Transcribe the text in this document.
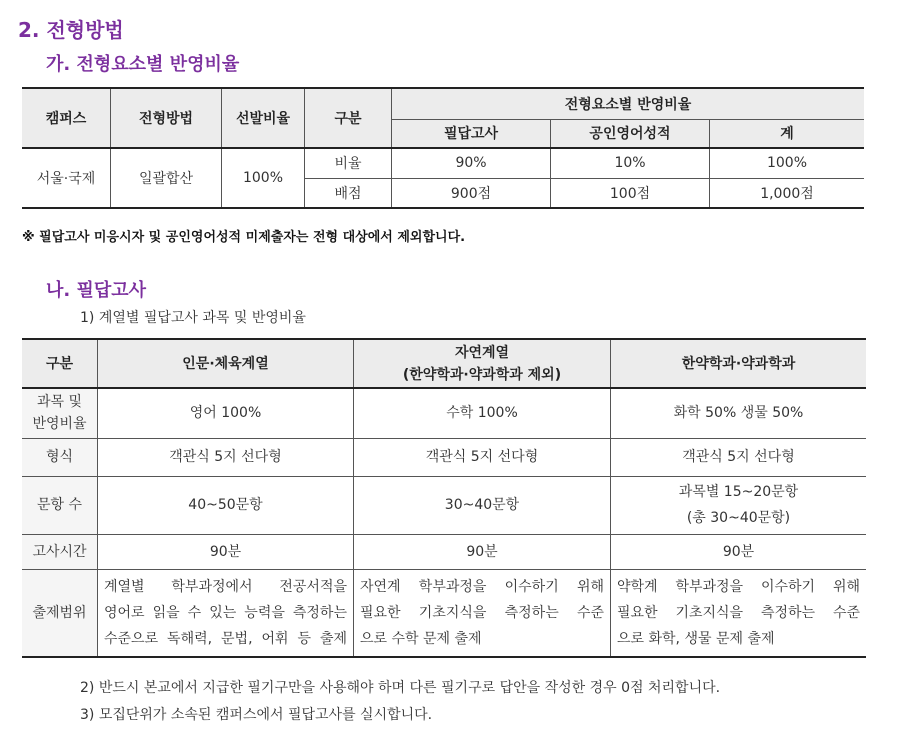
2. 전형방법
가. 전형요소별 반영비율
캠퍼스	전형방법	선발비율	구분	전형요소별 반영비율		
				필답고사	공인영어성적	계
서울·국제	일괄합산	100%	비율	90%	10%	100%
			배점	900점	100점	1,000점
※ 필답고사 미응시자 및 공인영어성적 미제출자는 전형 대상에서 제외합니다.
나. 필답고사
1) 계열별 필답고사 과목 및 반영비율
구분	인문·체육계열	자연계열
(한약학과·약과학과 제외)	한약학과·약과학과

과목 및
반영비율	영어 100%	수학 100%	화학 50% 생물 50%
형식	객관식 5지 선다형	객관식 5지 선다형	객관식 5지 선다형
문항 수	40~50문항	30~40문항	과목별 15~20문항
(총 30~40문항)

고사시간	90분	90분	90분
출제범위	계열별 학부과정에서 전공서적을
영어로 읽을 수 있는 능력을 측정하는
수준으로 독해력, 문법, 어휘 등 출제	자연계 학부과정을 이수하기 위해
필요한 기초지식을 측정하는 수준
으로 수학 문제 출제	약학계 학부과정을 이수하기 위해
필요한 기초지식을 측정하는 수준
으로 화학, 생물 문제 출제
2) 반드시 본교에서 지급한 필기구만을 사용해야 하며 다른 필기구로 답안을 작성한 경우 0점 처리합니다.
3) 모집단위가 소속된 캠퍼스에서 필답고사를 실시합니다.
